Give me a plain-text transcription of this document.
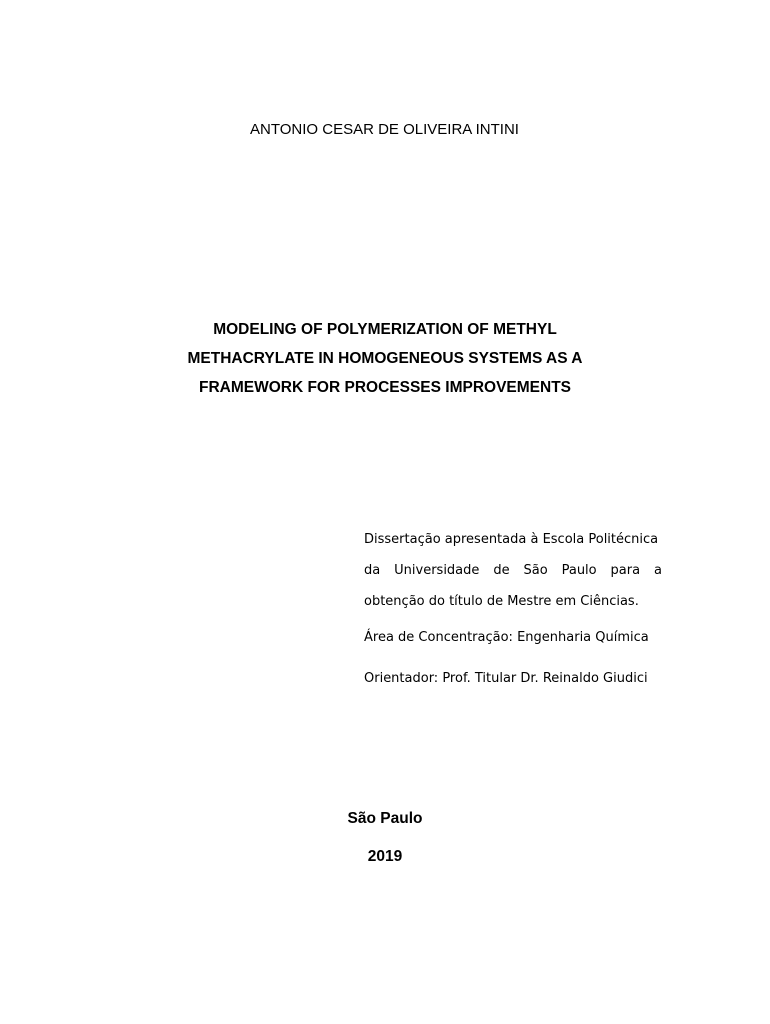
ANTONIO CESAR DE OLIVEIRA INTINI
MODELING OF POLYMERIZATION OF METHYL
METHACRYLATE IN HOMOGENEOUS SYSTEMS AS A
FRAMEWORK FOR PROCESSES IMPROVEMENTS
Dissertação apresentada à Escola Politécnica
da Universidade de São Paulo para a
obtenção do título de Mestre em Ciências.
Área de Concentração: Engenharia Química
Orientador: Prof. Titular Dr. Reinaldo Giudici
São Paulo
2019
